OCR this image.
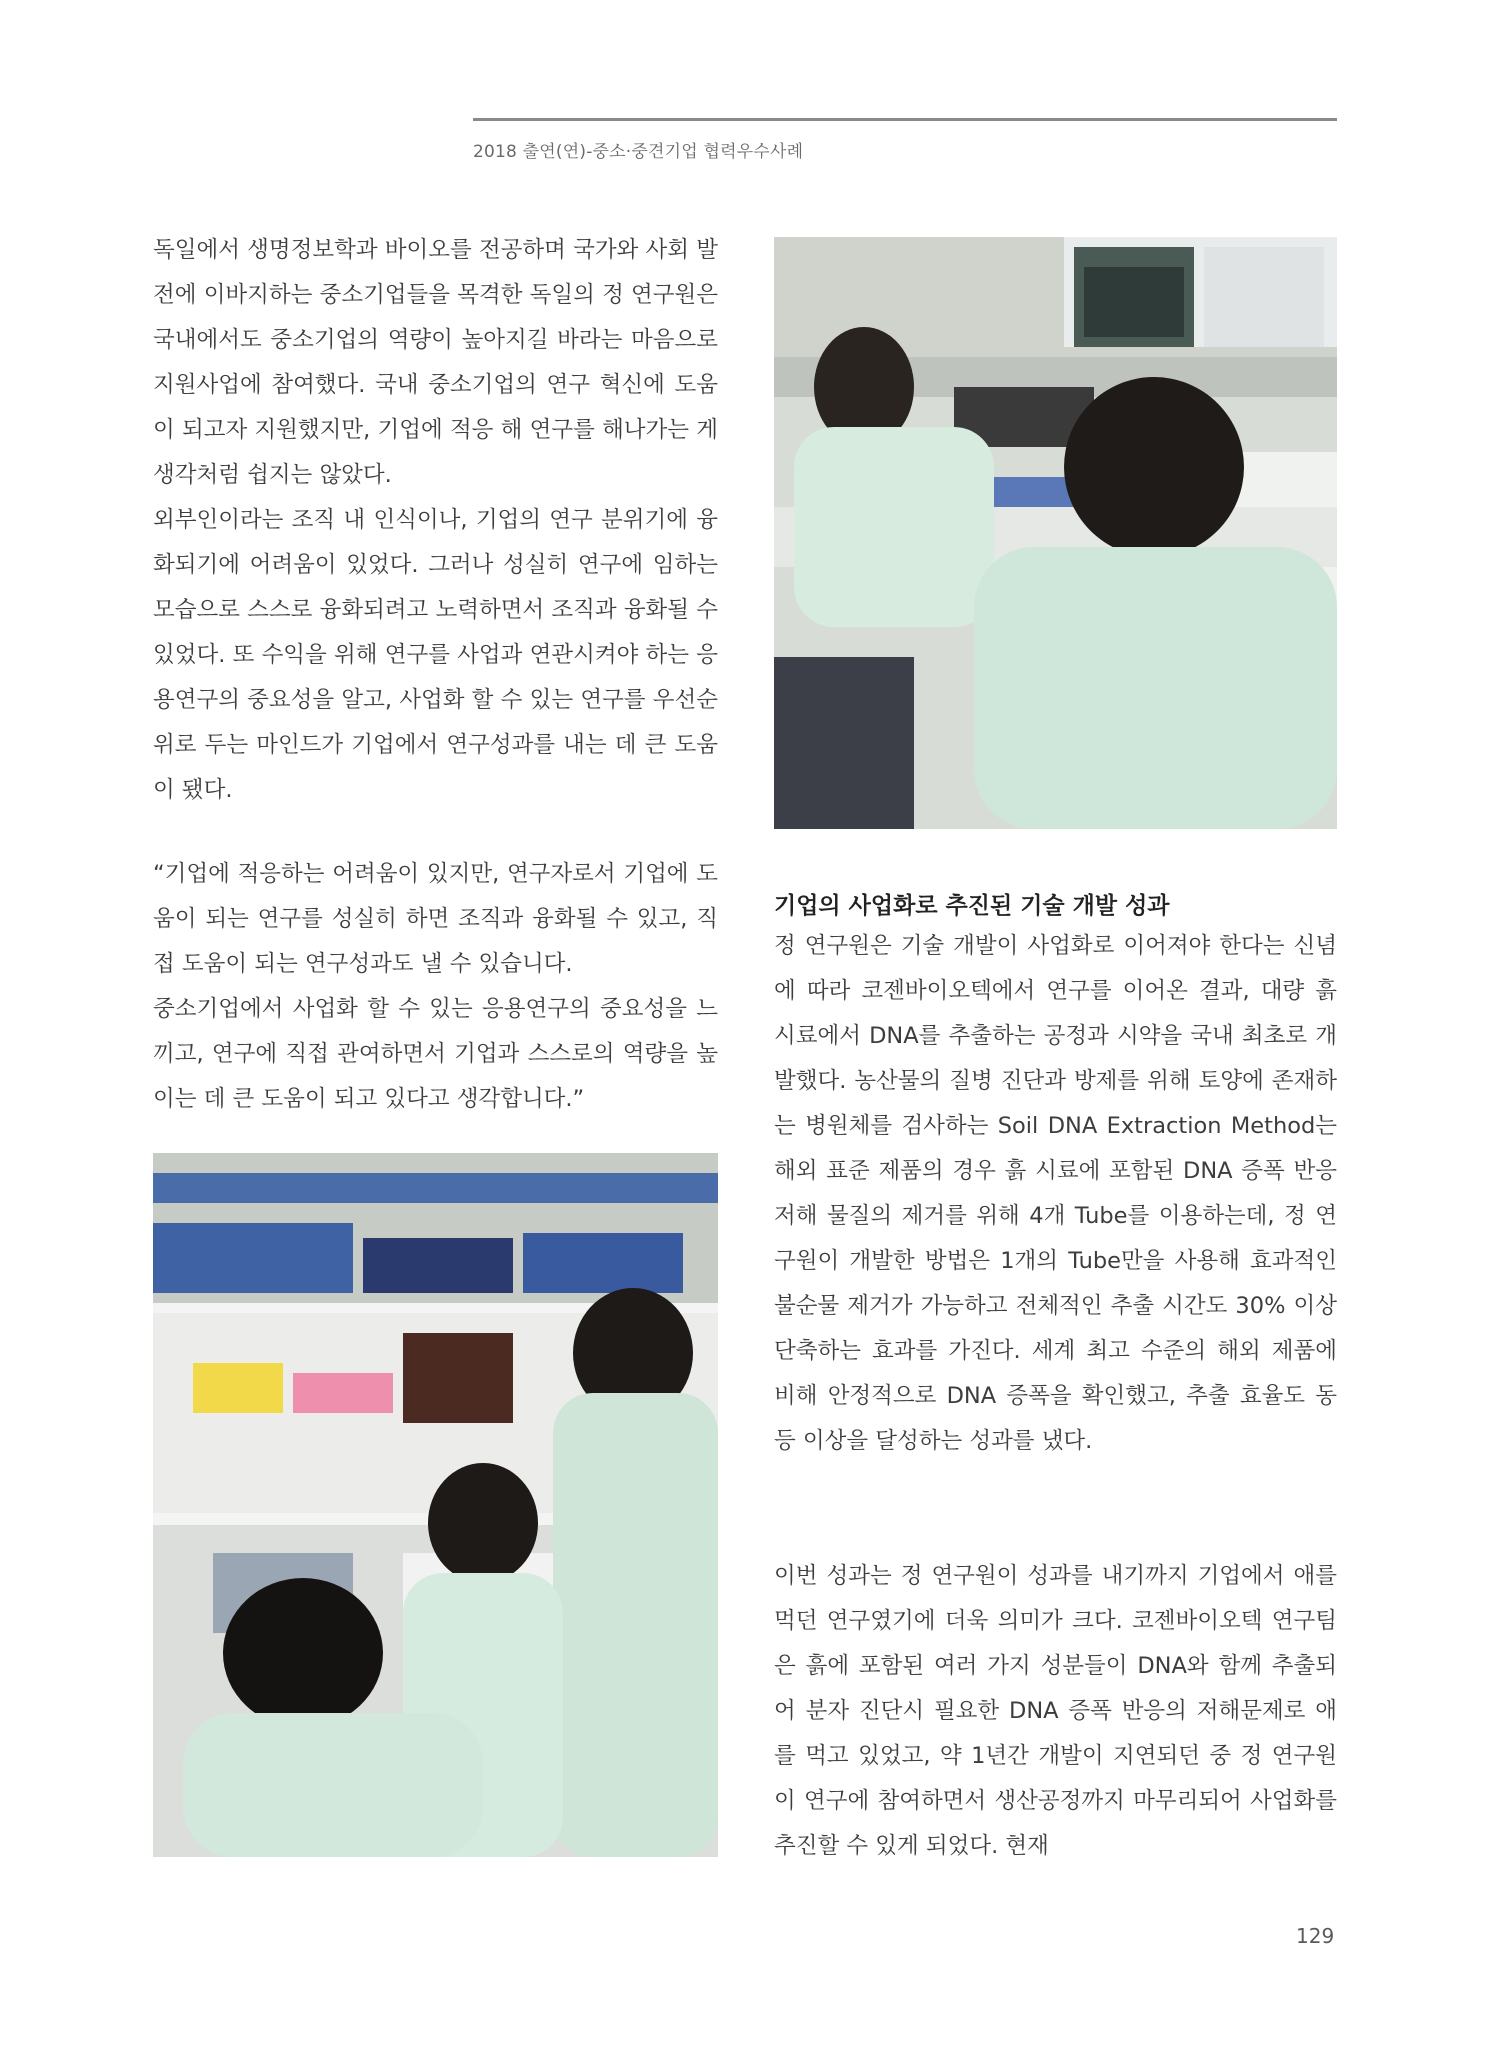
2018 출연(연)-중소·중견기업 협력우수사례

독일에서 생명정보학과 바이오를 전공하며 국가와 사회 발전에 이바지하는 중소기업들을 목격한 독일의 정 연구원은 국내에서도 중소기업의 역량이 높아지길 바라는 마음으로 지원사업에 참여했다. 국내 중소기업의 연구 혁신에 도움이 되고자 지원했지만, 기업에 적응 해 연구를 해나가는 게 생각처럼 쉽지는 않았다.

외부인이라는 조직 내 인식이나, 기업의 연구 분위기에 융화되기에 어려움이 있었다. 그러나 성실히 연구에 임하는 모습으로 스스로 융화되려고 노력하면서 조직과 융화될 수 있었다. 또 수익을 위해 연구를 사업과 연관시켜야 하는 응용연구의 중요성을 알고, 사업화 할 수 있는 연구를 우선순위로 두는 마인드가 기업에서 연구성과를 내는 데 큰 도움이 됐다.

“기업에 적응하는 어려움이 있지만, 연구자로서 기업에 도움이 되는 연구를 성실히 하면 조직과 융화될 수 있고, 직접 도움이 되는 연구성과도 낼 수 있습니다.

중소기업에서 사업화 할 수 있는 응용연구의 중요성을 느끼고, 연구에 직접 관여하면서 기업과 스스로의 역량을 높이는 데 큰 도움이 되고 있다고 생각합니다.”

기업의 사업화로 추진된 기술 개발 성과

정 연구원은 기술 개발이 사업화로 이어져야 한다는 신념에 따라 코젠바이오텍에서 연구를 이어온 결과, 대량 흙 시료에서 DNA를 추출하는 공정과 시약을 국내 최초로 개발했다. 농산물의 질병 진단과 방제를 위해 토양에 존재하는 병원체를 검사하는 Soil DNA Extraction Method는 해외 표준 제품의 경우 흙 시료에 포함된 DNA 증폭 반응 저해 물질의 제거를 위해 4개 Tube를 이용하는데, 정 연구원이 개발한 방법은 1개의 Tube만을 사용해 효과적인 불순물 제거가 가능하고 전체적인 추출 시간도 30% 이상 단축하는 효과를 가진다. 세계 최고 수준의 해외 제품에 비해 안정적으로 DNA 증폭을 확인했고, 추출 효율도 동등 이상을 달성하는 성과를 냈다.

이번 성과는 정 연구원이 성과를 내기까지 기업에서 애를 먹던 연구였기에 더욱 의미가 크다. 코젠바이오텍 연구팀은 흙에 포함된 여러 가지 성분들이 DNA와 함께 추출되어 분자 진단시 필요한 DNA 증폭 반응의 저해문제로 애를 먹고 있었고, 약 1년간 개발이 지연되던 중 정 연구원이 연구에 참여하면서 생산공정까지 마무리되어 사업화를 추진할 수 있게 되었다. 현재

129
